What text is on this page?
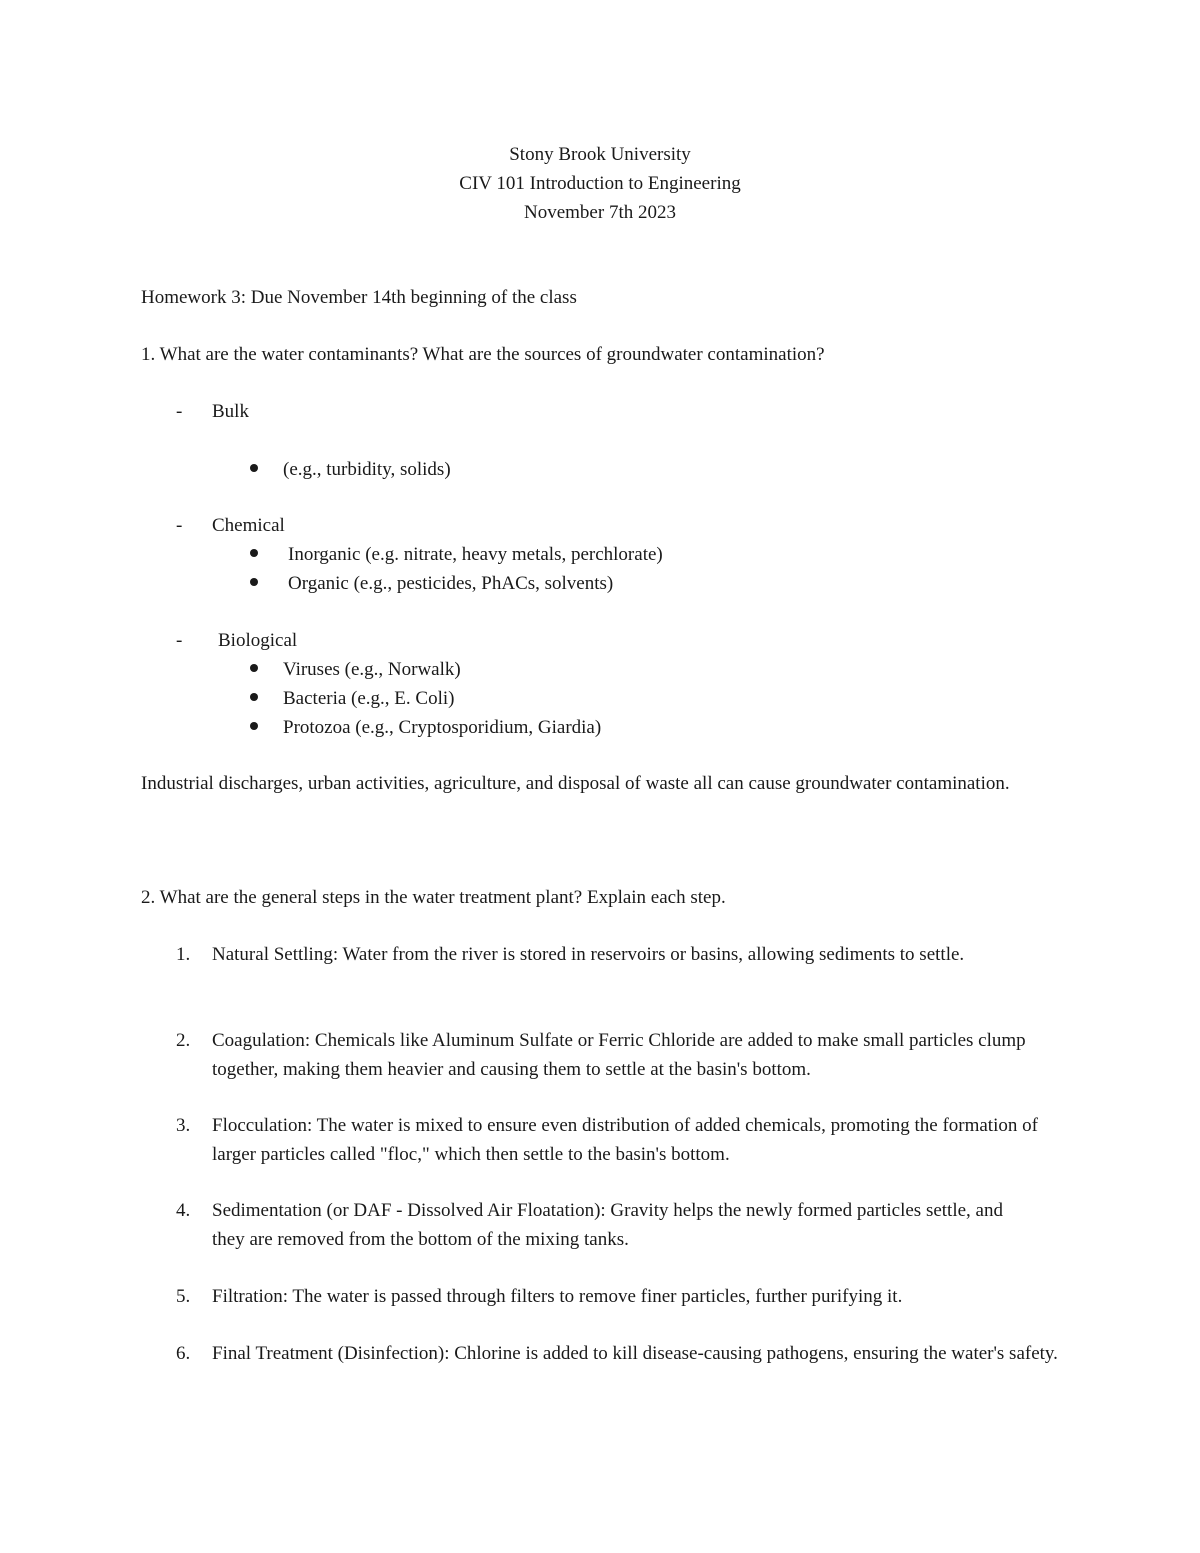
Stony Brook University
CIV 101 Introduction to Engineering
November 7th 2023
Homework 3: Due November 14th beginning of the class
1. What are the water contaminants? What are the sources of groundwater contamination?
- Bulk
(e.g., turbidity, solids)
- Chemical
Inorganic (e.g. nitrate, heavy metals, perchlorate)
Organic (e.g., pesticides, PhACs, solvents)
- Biological
Viruses (e.g., Norwalk)
Bacteria (e.g., E. Coli)
Protozoa (e.g., Cryptosporidium, Giardia)
Industrial discharges, urban activities, agriculture, and disposal of waste all can cause groundwater contamination.
2. What are the general steps in the water treatment plant? Explain each step.
1. Natural Settling: Water from the river is stored in reservoirs or basins, allowing sediments to settle.
2. Coagulation: Chemicals like Aluminum Sulfate or Ferric Chloride are added to make small particles clump together, making them heavier and causing them to settle at the basin's bottom.
3. Flocculation: The water is mixed to ensure even distribution of added chemicals, promoting the formation of larger particles called "floc," which then settle to the basin's bottom.
4. Sedimentation (or DAF - Dissolved Air Floatation): Gravity helps the newly formed particles settle, and they are removed from the bottom of the mixing tanks.
5. Filtration: The water is passed through filters to remove finer particles, further purifying it.
6. Final Treatment (Disinfection): Chlorine is added to kill disease-causing pathogens, ensuring the water's safety.
